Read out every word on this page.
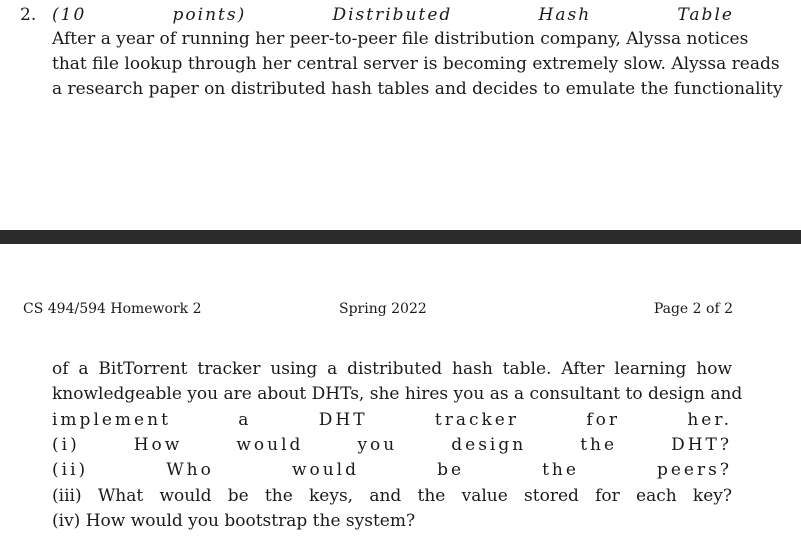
2. (10	points)	Distributed	Hash	Table
After a year of running her peer-to-peer file distribution company, Alyssa notices
that file lookup through her central server is becoming extremely slow. Alyssa reads
a research paper on distributed hash tables and decides to emulate the functionality
CS 494/594 Homework 2	Spring 2022	Page 2 of 2
of a BitTorrent tracker using a distributed hash table. After learning how
knowledgeable you are about DHTs, she hires you as a consultant to design and
implement	a	DHT	tracker	for	her.
(i)	How	would	you	design	the	DHT?
(ii)	Who	would	be	the	peers?
(iii) What would be the keys, and the value stored for each key?
(iv) How would you bootstrap the system?
